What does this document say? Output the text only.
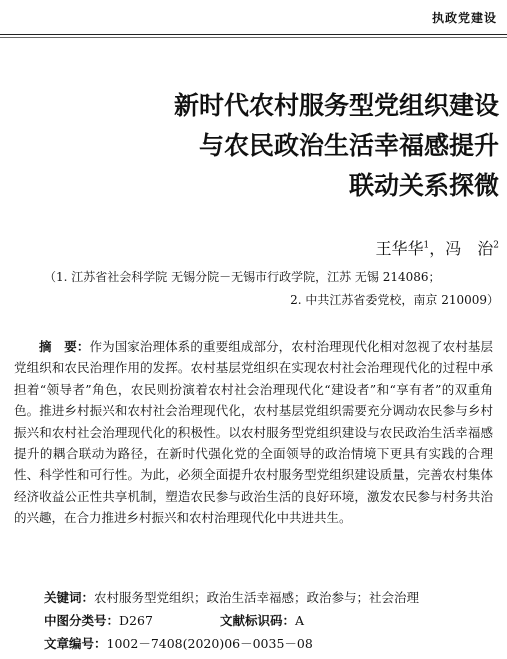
执政党建设
新时代农村服务型党组织建设
与农民政治生活幸福感提升
联动关系探微
王华华$^1$，冯　治$^2$
（1. 江苏省社会科学院 无锡分院－无锡市行政学院，江苏 无锡 214086；
2. 中共江苏省委党校，南京 210009）
摘　要：作为国家治理体系的重要组成部分，农村治理现代化相对忽视了农村基层党组织和农民治理作用的发挥。农村基层党组织在实现农村社会治理现代化的过程中承担着“领导者”角色，农民则扮演着农村社会治理现代化“建设者”和“享有者”的双重角色。推进乡村振兴和农村社会治理现代化，农村基层党组织需要充分调动农民参与乡村振兴和农村社会治理现代化的积极性。以农村服务型党组织建设与农民政治生活幸福感提升的耦合联动为路径，在新时代强化党的全面领导的政治情境下更具有实践的合理性、科学性和可行性。为此，必须全面提升农村服务型党组织建设质量，完善农村集体经济收益公正性共享机制，塑造农民参与政治生活的良好环境，激发农民参与村务共治的兴趣，在合力推进乡村振兴和农村治理现代化中共进共生。
关键词：农村服务型党组织；政治生活幸福感；政治参与；社会治理
中图分类号：D267	文献标识码：A
文章编号：1002－7408(2020)06－0035－08
